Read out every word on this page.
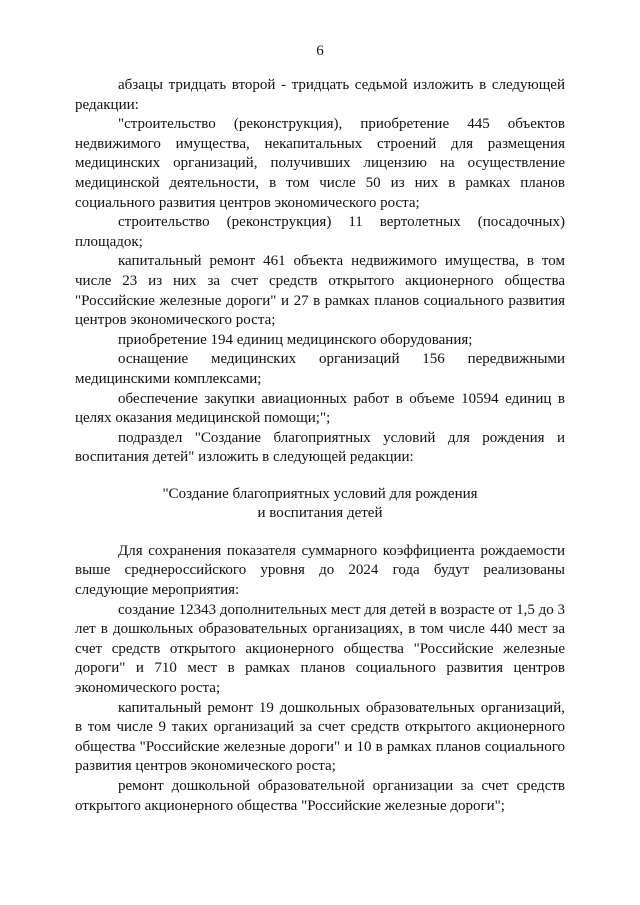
6

абзацы тридцать второй - тридцать седьмой изложить в следующей редакции:

"строительство (реконструкция), приобретение 445 объектов недвижимого имущества, некапитальных строений для размещения медицинских организаций, получивших лицензию на осуществление медицинской деятельности, в том числе 50 из них в рамках планов социального развития центров экономического роста;

строительство (реконструкция) 11 вертолетных (посадочных) площадок;

капитальный ремонт 461 объекта недвижимого имущества, в том числе 23 из них за счет средств открытого акционерного общества "Российские железные дороги" и 27 в рамках планов социального развития центров экономического роста;

приобретение 194 единиц медицинского оборудования;

оснащение медицинских организаций 156 передвижными медицинскими комплексами;

обеспечение закупки авиационных работ в объеме 10594 единиц в целях оказания медицинской помощи;";

подраздел "Создание благоприятных условий для рождения и воспитания детей" изложить в следующей редакции:

"Создание благоприятных условий для рождения
и воспитания детей

Для сохранения показателя суммарного коэффициента рождаемости выше среднероссийского уровня до 2024 года будут реализованы следующие мероприятия:

создание 12343 дополнительных мест для детей в возрасте от 1,5 до 3 лет в дошкольных образовательных организациях, в том числе 440 мест за счет средств открытого акционерного общества "Российские железные дороги" и 710 мест в рамках планов социального развития центров экономического роста;

капитальный ремонт 19 дошкольных образовательных организаций, в том числе 9 таких организаций за счет средств открытого акционерного общества "Российские железные дороги" и 10 в рамках планов социального развития центров экономического роста;

ремонт дошкольной образовательной организации за счет средств открытого акционерного общества "Российские железные дороги";
